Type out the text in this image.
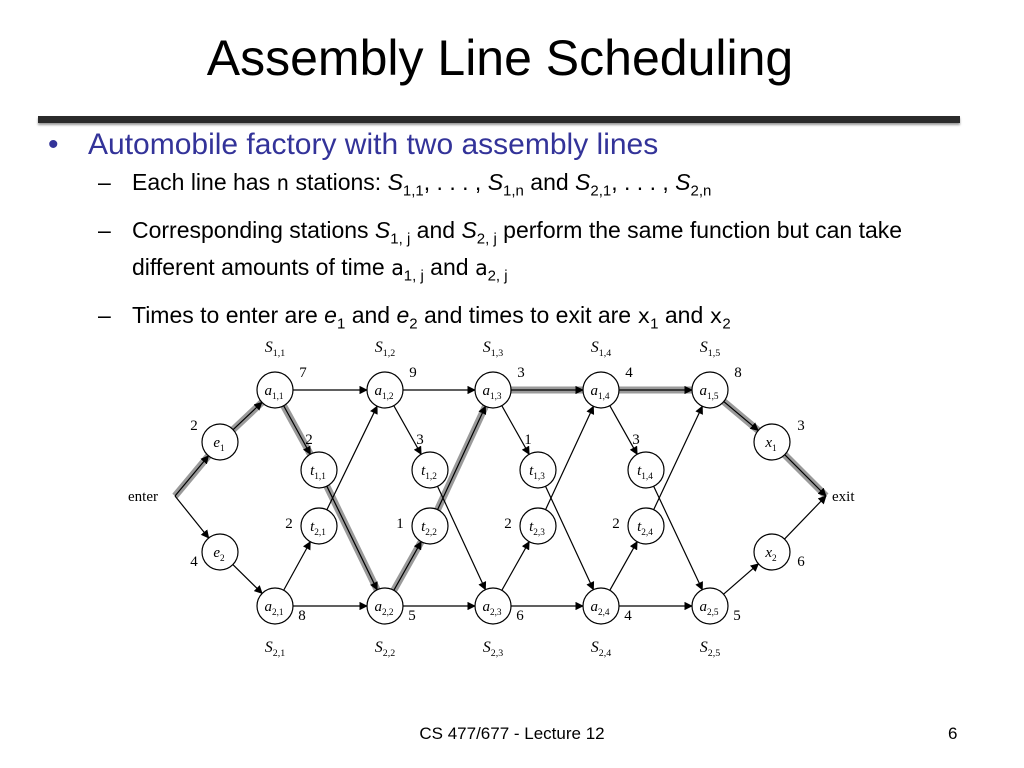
Assembly Line Scheduling
• Automobile factory with two assembly lines
– Each line has n stations: $S_{1,1}$, . . . , $S_{1,n}$ and $S_{2,1}$, . . . , $S_{2,n}$
– Corresponding stations $S_{1, j}$ and $S_{2, j}$ perform the same function but can take different amounts of time $a_{1, j}$ and $a_{2, j}$
– Times to enter are $e_1$ and $e_2$ and times to exit are $x_1$ and $x_2$
$e_1$
$e_2$
$x_1$
$x_2$
$a_{1,1}$	$a_{1,2}$	$a_{1,3}$	$a_{1,4}$	$a_{1,5}$
$a_{2,1}$	$a_{2,2}$	$a_{2,3}$	$a_{2,4}$	$a_{2,5}$
$t_{1,1}$	$t_{1,2}$	$t_{1,3}$	$t_{1,4}$
$t_{2,1}$	$t_{2,2}$	$t_{2,3}$	$t_{2,4}$
$S_{1,1}$	$S_{1,2}$	$S_{1,3}$	$S_{1,4}$	$S_{1,5}$
$S_{2,1}$	$S_{2,2}$	$S_{2,3}$	$S_{2,4}$	$S_{2,5}$
7	9	3	4	8
8	5	6	4	5
2	3	1	3
2	1	2	2
2
4
3
6
enter	exit
CS 477/677 - Lecture 12	6
